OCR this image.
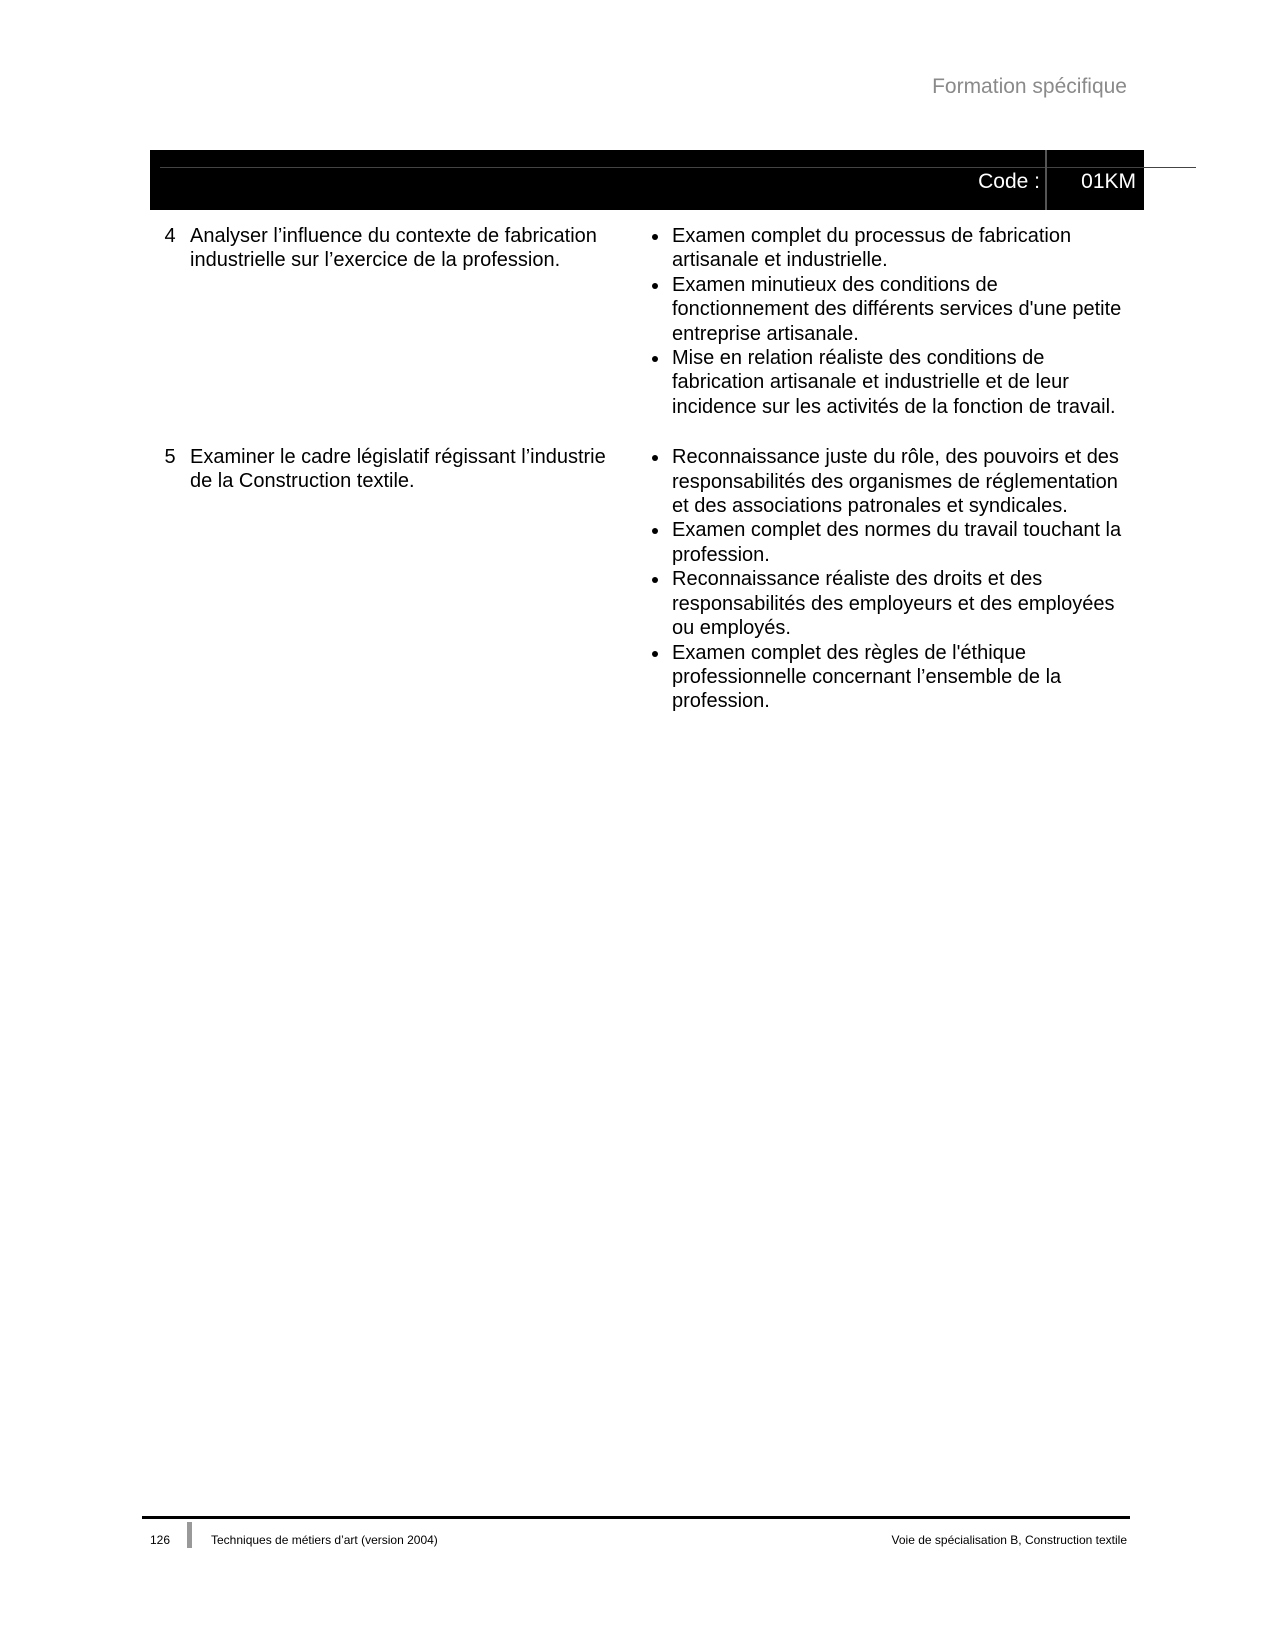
Formation spécifique
Code : 01KM
4 Analyser l’influence du contexte de fabrication industrielle sur l’exercice de la profession.
Examen complet du processus de fabrication artisanale et industrielle.
Examen minutieux des conditions de fonctionnement des différents services d'une petite entreprise artisanale.
Mise en relation réaliste des conditions de fabrication artisanale et industrielle et de leur incidence sur les activités de la fonction de travail.
5 Examiner le cadre législatif régissant l’industrie de la Construction textile.
Reconnaissance juste du rôle, des pouvoirs et des responsabilités des organismes de réglementation et des associations patronales et syndicales.
Examen complet des normes du travail touchant la profession.
Reconnaissance réaliste des droits et des responsabilités des employeurs et des employées ou employés.
Examen complet des règles de l'éthique professionnelle concernant l’ensemble de la profession.
126	Techniques de métiers d’art (version 2004)	Voie de spécialisation B, Construction textile
